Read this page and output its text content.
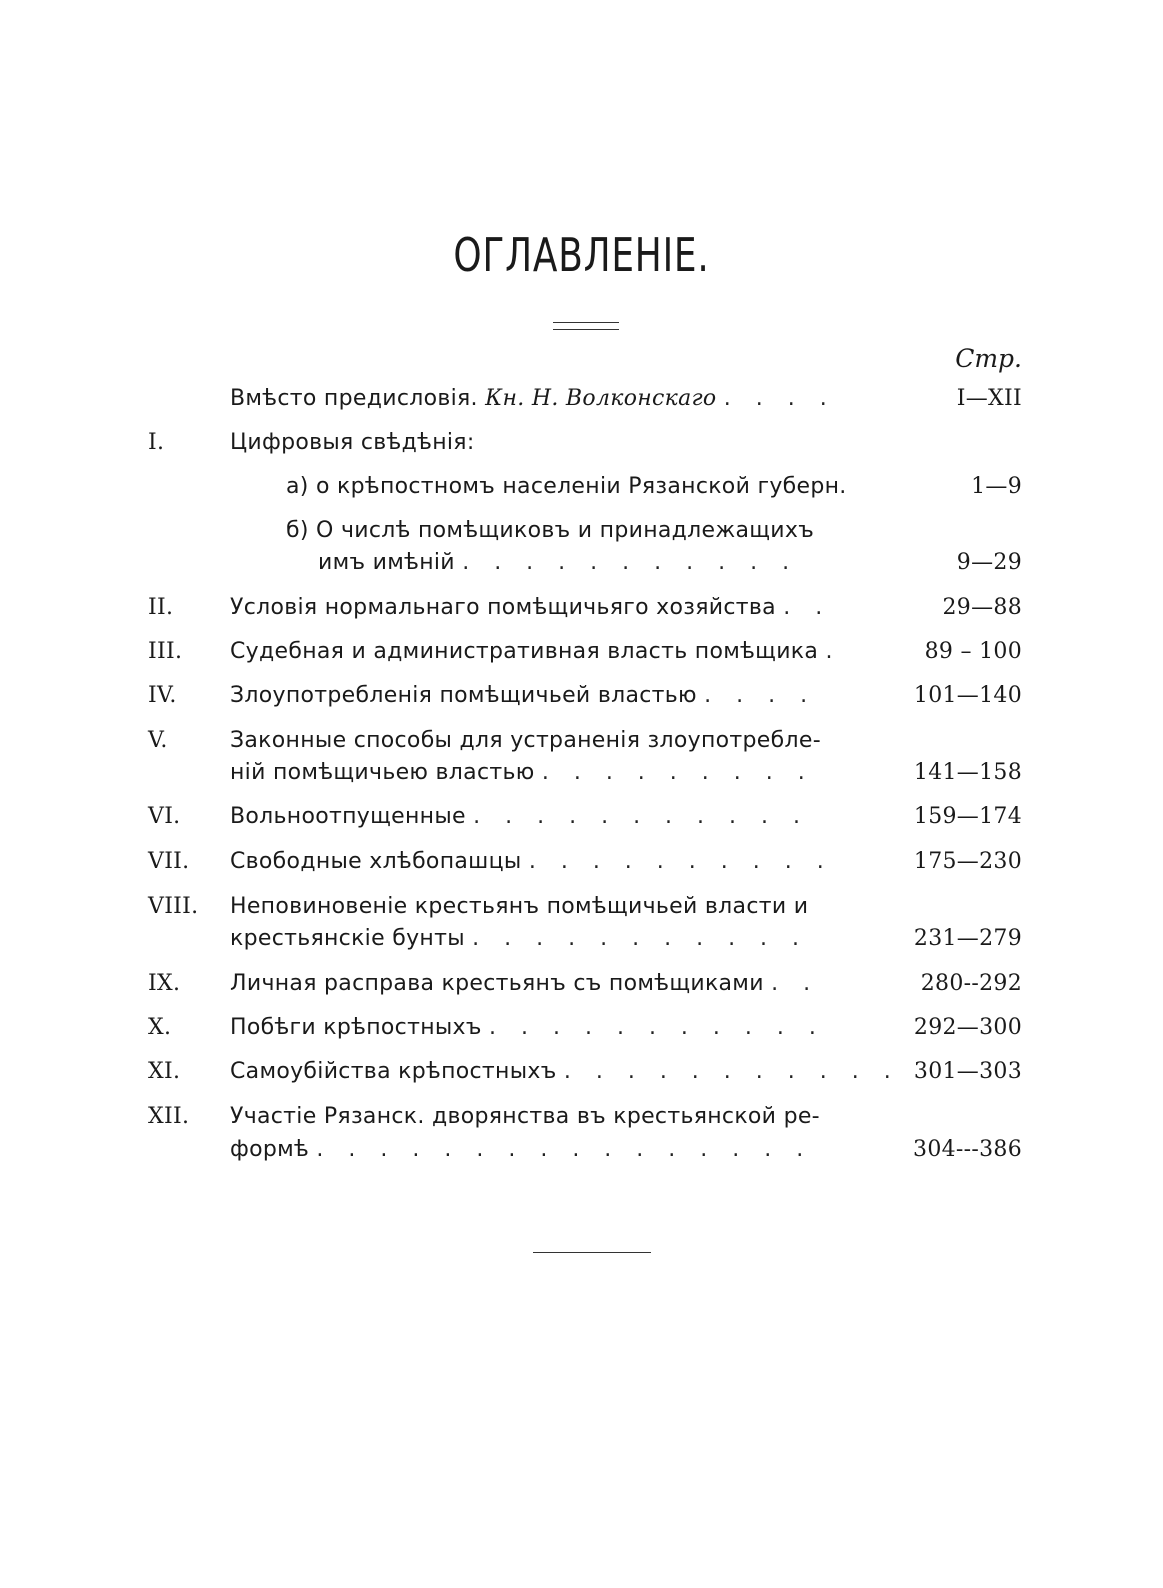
ОГЛАВЛЕНІЕ.
Стр.
Вмѣсто предисловія. Кн. Н. Волконскаго . . . .	I—XII
I.	Цифровыя свѣдѣнія:
а) о крѣпостномъ населеніи Рязанской губерн.	1—9
б) О числѣ помѣщиковъ и принадлежащихъ
имъ имѣній . . . . . . . . . . .	9—29
II.	Условія нормальнаго помѣщичьяго хозяйства . .	29—88
III. Судебная и административная власть помѣщика .	89 – 100
IV. Злоупотребленія помѣщичьей властью . . . .	101—140
V.	Законные способы для устраненія злоупотребле-
ній помѣщичьею властью . . . . . . . . .	141—158
VI. Вольноотпущенные . . . . . . . . . . .	159—174
VII. Свободные хлѣбопашцы . . . . . . . . . .	175—230
VIII. Неповиновеніе крестьянъ помѣщичьей власти и
крестьянскіе бунты . . . . . . . . . . .	231—279
IX. Личная расправа крестьянъ съ помѣщиками . .	280--292
X.	Побѣги крѣпостныхъ . . . . . . . . . . .	292—300
XI. Самоубійства крѣпостныхъ . . . . . . . . . . . 301—303
XII. Участіе Рязанск. дворянства въ крестьянской ре-
формѣ . . . . . . . . . . . . . . . .	304---386
